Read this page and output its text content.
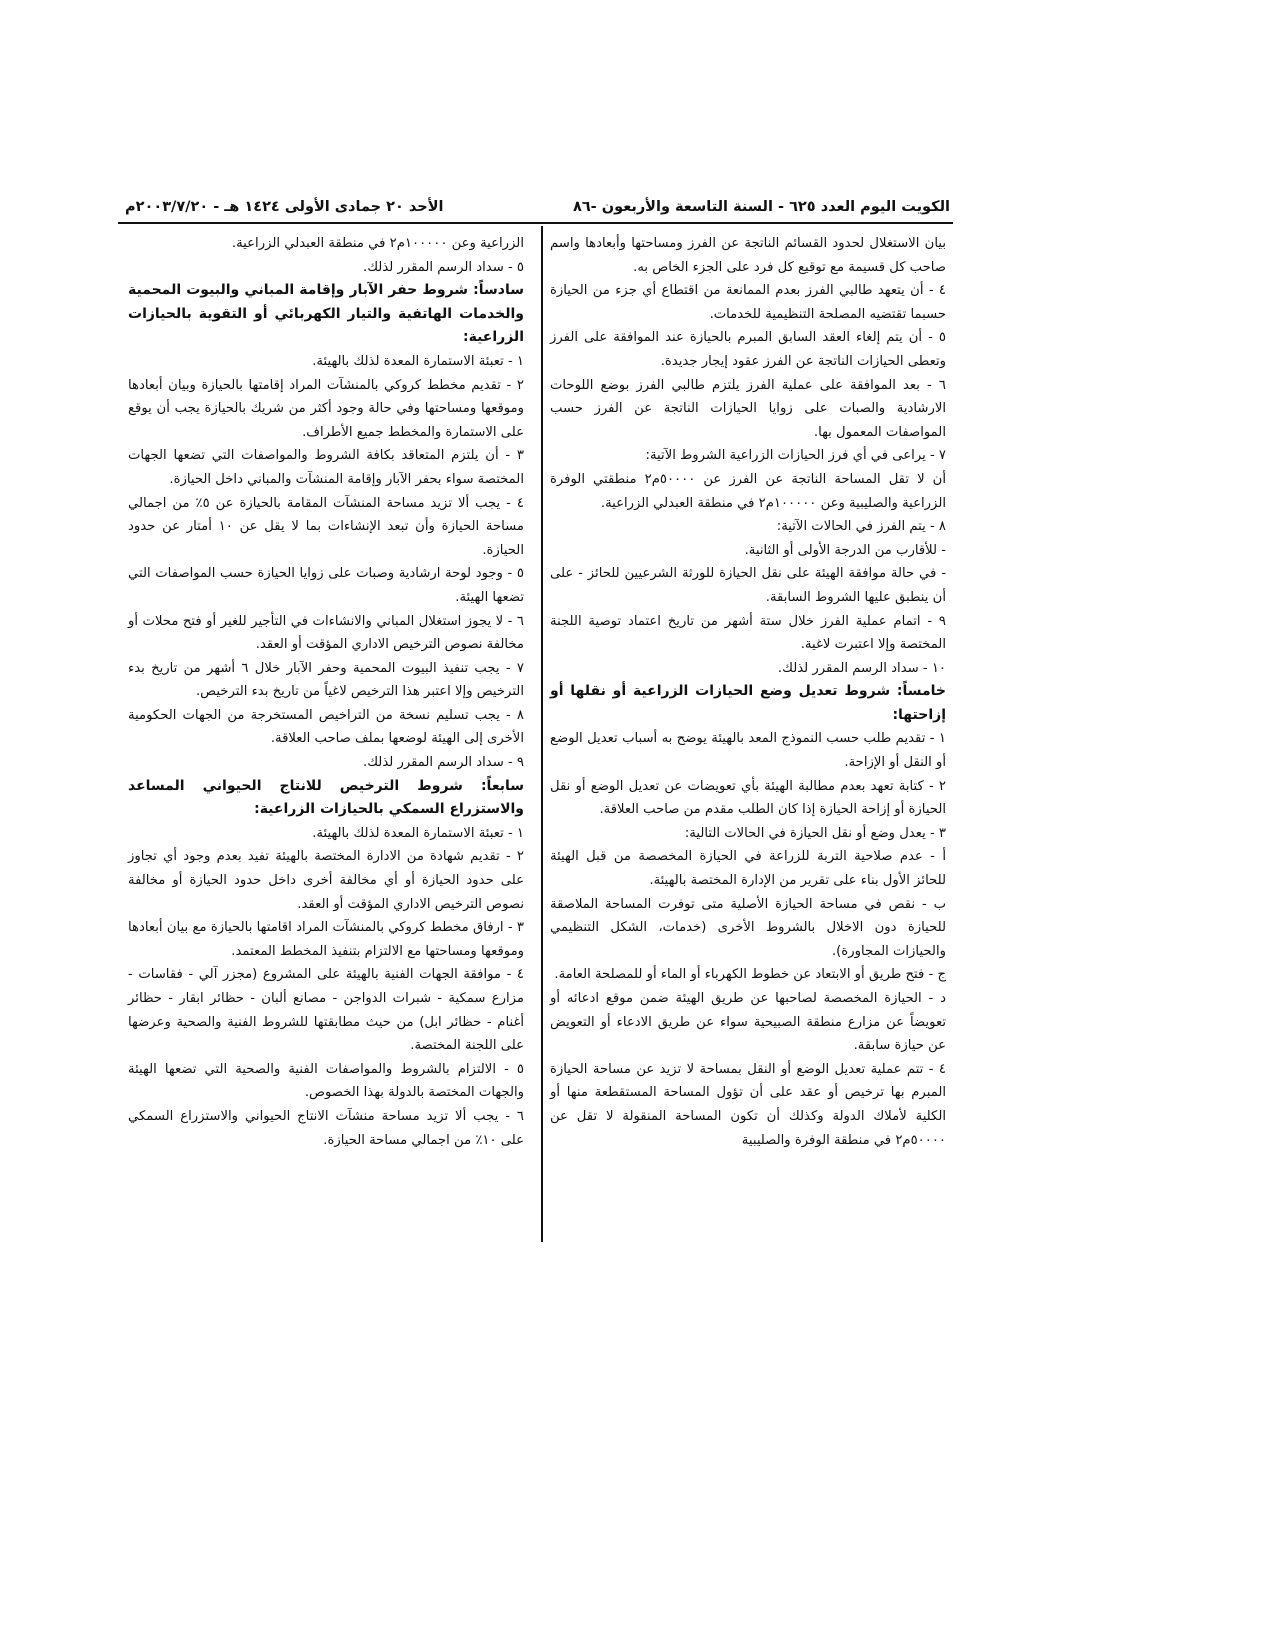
الكويت اليوم العدد ٦٢٥ - السنة التاسعة والأربعون -٨٦
الأحد ٢٠ جمادى الأولى ١٤٢٤ هـ - ٢٠٠٣/٧/٢٠م

بيان الاستغلال لحدود القسائم الناتجة عن الفرز ومساحتها وأبعادها واسم صاحب كل قسيمة مع توقيع كل فرد على الجزء الخاص به.

٤ - أن يتعهد طالبي الفرز بعدم الممانعة من اقتطاع أي جزء من الحيازة حسبما تقتضيه المصلحة التنظيمية للخدمات.

٥ - أن يتم إلغاء العقد السابق المبرم بالحيازة عند الموافقة على الفرز وتعطى الحيازات الناتجة عن الفرز عقود إيجار جديدة.

٦ - بعد الموافقة على عملية الفرز يلتزم طالبي الفرز بوضع اللوحات الارشادية والصبات على زوايا الحيازات الناتجة عن الفرز حسب المواصفات المعمول بها.

٧ - يراعى في أي فرز الحيازات الزراعية الشروط الآتية:

أن لا تقل المساحة الناتجة عن الفرز عن ٥٠٠٠٠م٢ منطقتي الوفرة الزراعية والصليبية وعن ١٠٠٠٠٠م٢ في منطقة العبدلي الزراعية.

٨ - يتم الفرز في الحالات الآتية:

- للأقارب من الدرجة الأولى أو الثانية.

- في حالة موافقة الهيئة على نقل الحيازة للورثة الشرعيين للحائز - على أن ينطبق عليها الشروط السابقة.

٩ - اتمام عملية الفرز خلال ستة أشهر من تاريخ اعتماد توصية اللجنة المختصة وإلا اعتبرت لاغية.

١٠ - سداد الرسم المقرر لذلك.

خامساً: شروط تعديل وضع الحيازات الزراعية أو نقلها أو إزاحتها:

١ - تقديم طلب حسب النموذج المعد بالهيئة يوضح به أسباب تعديل الوضع أو النقل أو الإزاحة.

٢ - كتابة تعهد بعدم مطالبة الهيئة بأي تعويضات عن تعديل الوضع أو نقل الحيازة أو إزاحة الحيازة إذا كان الطلب مقدم من صاحب العلاقة.

٣ - يعدل وضع أو نقل الحيازة في الحالات التالية:

أ - عدم صلاحية التربة للزراعة في الحيازة المخصصة من قبل الهيئة للحائز الأول بناء على تقرير من الإدارة المختصة بالهيئة.

ب - نقص في مساحة الحيازة الأصلية متى توفرت المساحة الملاصقة للحيازة دون الاخلال بالشروط الأخرى (خدمات، الشكل التنظيمي والحيازات المجاورة).

ج - فتح طريق أو الابتعاد عن خطوط الكهرباء أو الماء أو للمصلحة العامة.

د - الحيازة المخصصة لصاحبها عن طريق الهيئة ضمن موقع ادعائه أو تعويضاً عن مزارع منطقة الصبيحية سواء عن طريق الادعاء أو التعويض عن حيازة سابقة.

٤ - تتم عملية تعديل الوضع أو النقل بمساحة لا تزيد عن مساحة الحيازة المبرم بها ترخيص أو عقد على أن تؤول المساحة المستقطعة منها أو الكلية لأملاك الدولة وكذلك أن تكون المساحة المنقولة لا تقل عن ٥٠٠٠٠م٢ في منطقة الوفرة والصليبية

الزراعية وعن ١٠٠٠٠٠م٢ في منطقة العبدلي الزراعية.

٥ - سداد الرسم المقرر لذلك.

سادساً: شروط حفر الآبار وإقامة المباني والبيوت المحمية والخدمات الهاتفية والتيار الكهربائي أو التقوية بالحيازات الزراعية:

١ - تعبئة الاستمارة المعدة لذلك بالهيئة.

٢ - تقديم مخطط كروكي بالمنشآت المراد إقامتها بالحيازة وبيان أبعادها وموقعها ومساحتها وفي حالة وجود أكثر من شريك بالحيازة يجب أن يوقع على الاستمارة والمخطط جميع الأطراف.

٣ - أن يلتزم المتعاقد بكافة الشروط والمواصفات التي تضعها الجهات المختصة سواء بحفر الآبار وإقامة المنشآت والمباني داخل الحيازة.

٤ - يجب ألا تزيد مساحة المنشآت المقامة بالحيازة عن ٥٪ من اجمالي مساحة الحيازة وأن تبعد الإنشاءات بما لا يقل عن ١٠ أمتار عن حدود الحيازة.

٥ - وجود لوحة ارشادية وصبات على زوايا الحيازة حسب المواصفات التي تضعها الهيئة.

٦ - لا يجوز استغلال المباني والانشاءات في التأجير للغير أو فتح محلات أو مخالفة نصوص الترخيص الاداري المؤقت أو العقد.

٧ - يجب تنفيذ البيوت المحمية وحفر الآبار خلال ٦ أشهر من تاريخ بدء الترخيص وإلا اعتبر هذا الترخيص لاغياً من تاريخ بدء الترخيص.

٨ - يجب تسليم نسخة من التراخيص المستخرجة من الجهات الحكومية الأخرى إلى الهيئة لوضعها بملف صاحب العلاقة.

٩ - سداد الرسم المقرر لذلك.

سابعاً: شروط الترخيص للانتاج الحيواني المساعد والاستزراع السمكي بالحيازات الزراعية:

١ - تعبئة الاستمارة المعدة لذلك بالهيئة.

٢ - تقديم شهادة من الادارة المختصة بالهيئة تفيد بعدم وجود أي تجاوز على حدود الحيازة أو أي مخالفة أخرى داخل حدود الحيازة أو مخالفة نصوص الترخيص الاداري المؤقت أو العقد.

٣ - ارفاق مخطط كروكي بالمنشآت المراد اقامتها بالحيازة مع بيان أبعادها وموقعها ومساحتها مع الالتزام بتنفيذ المخطط المعتمد.

٤ - موافقة الجهات الفنية بالهيئة على المشروع (مجزر آلي - فقاسات - مزارع سمكية - شبرات الدواجن - مصانع ألبان - حظائر ابقار - حظائر أغنام - حظائر ابل) من حيث مطابقتها للشروط الفنية والصحية وعرضها على اللجنة المختصة.

٥ - الالتزام بالشروط والمواصفات الفنية والصحية التي تضعها الهيئة والجهات المختصة بالدولة بهذا الخصوص.

٦ - يجب ألا تزيد مساحة منشآت الانتاج الحيواني والاستزراع السمكي على ١٠٪ من اجمالي مساحة الحيازة.
